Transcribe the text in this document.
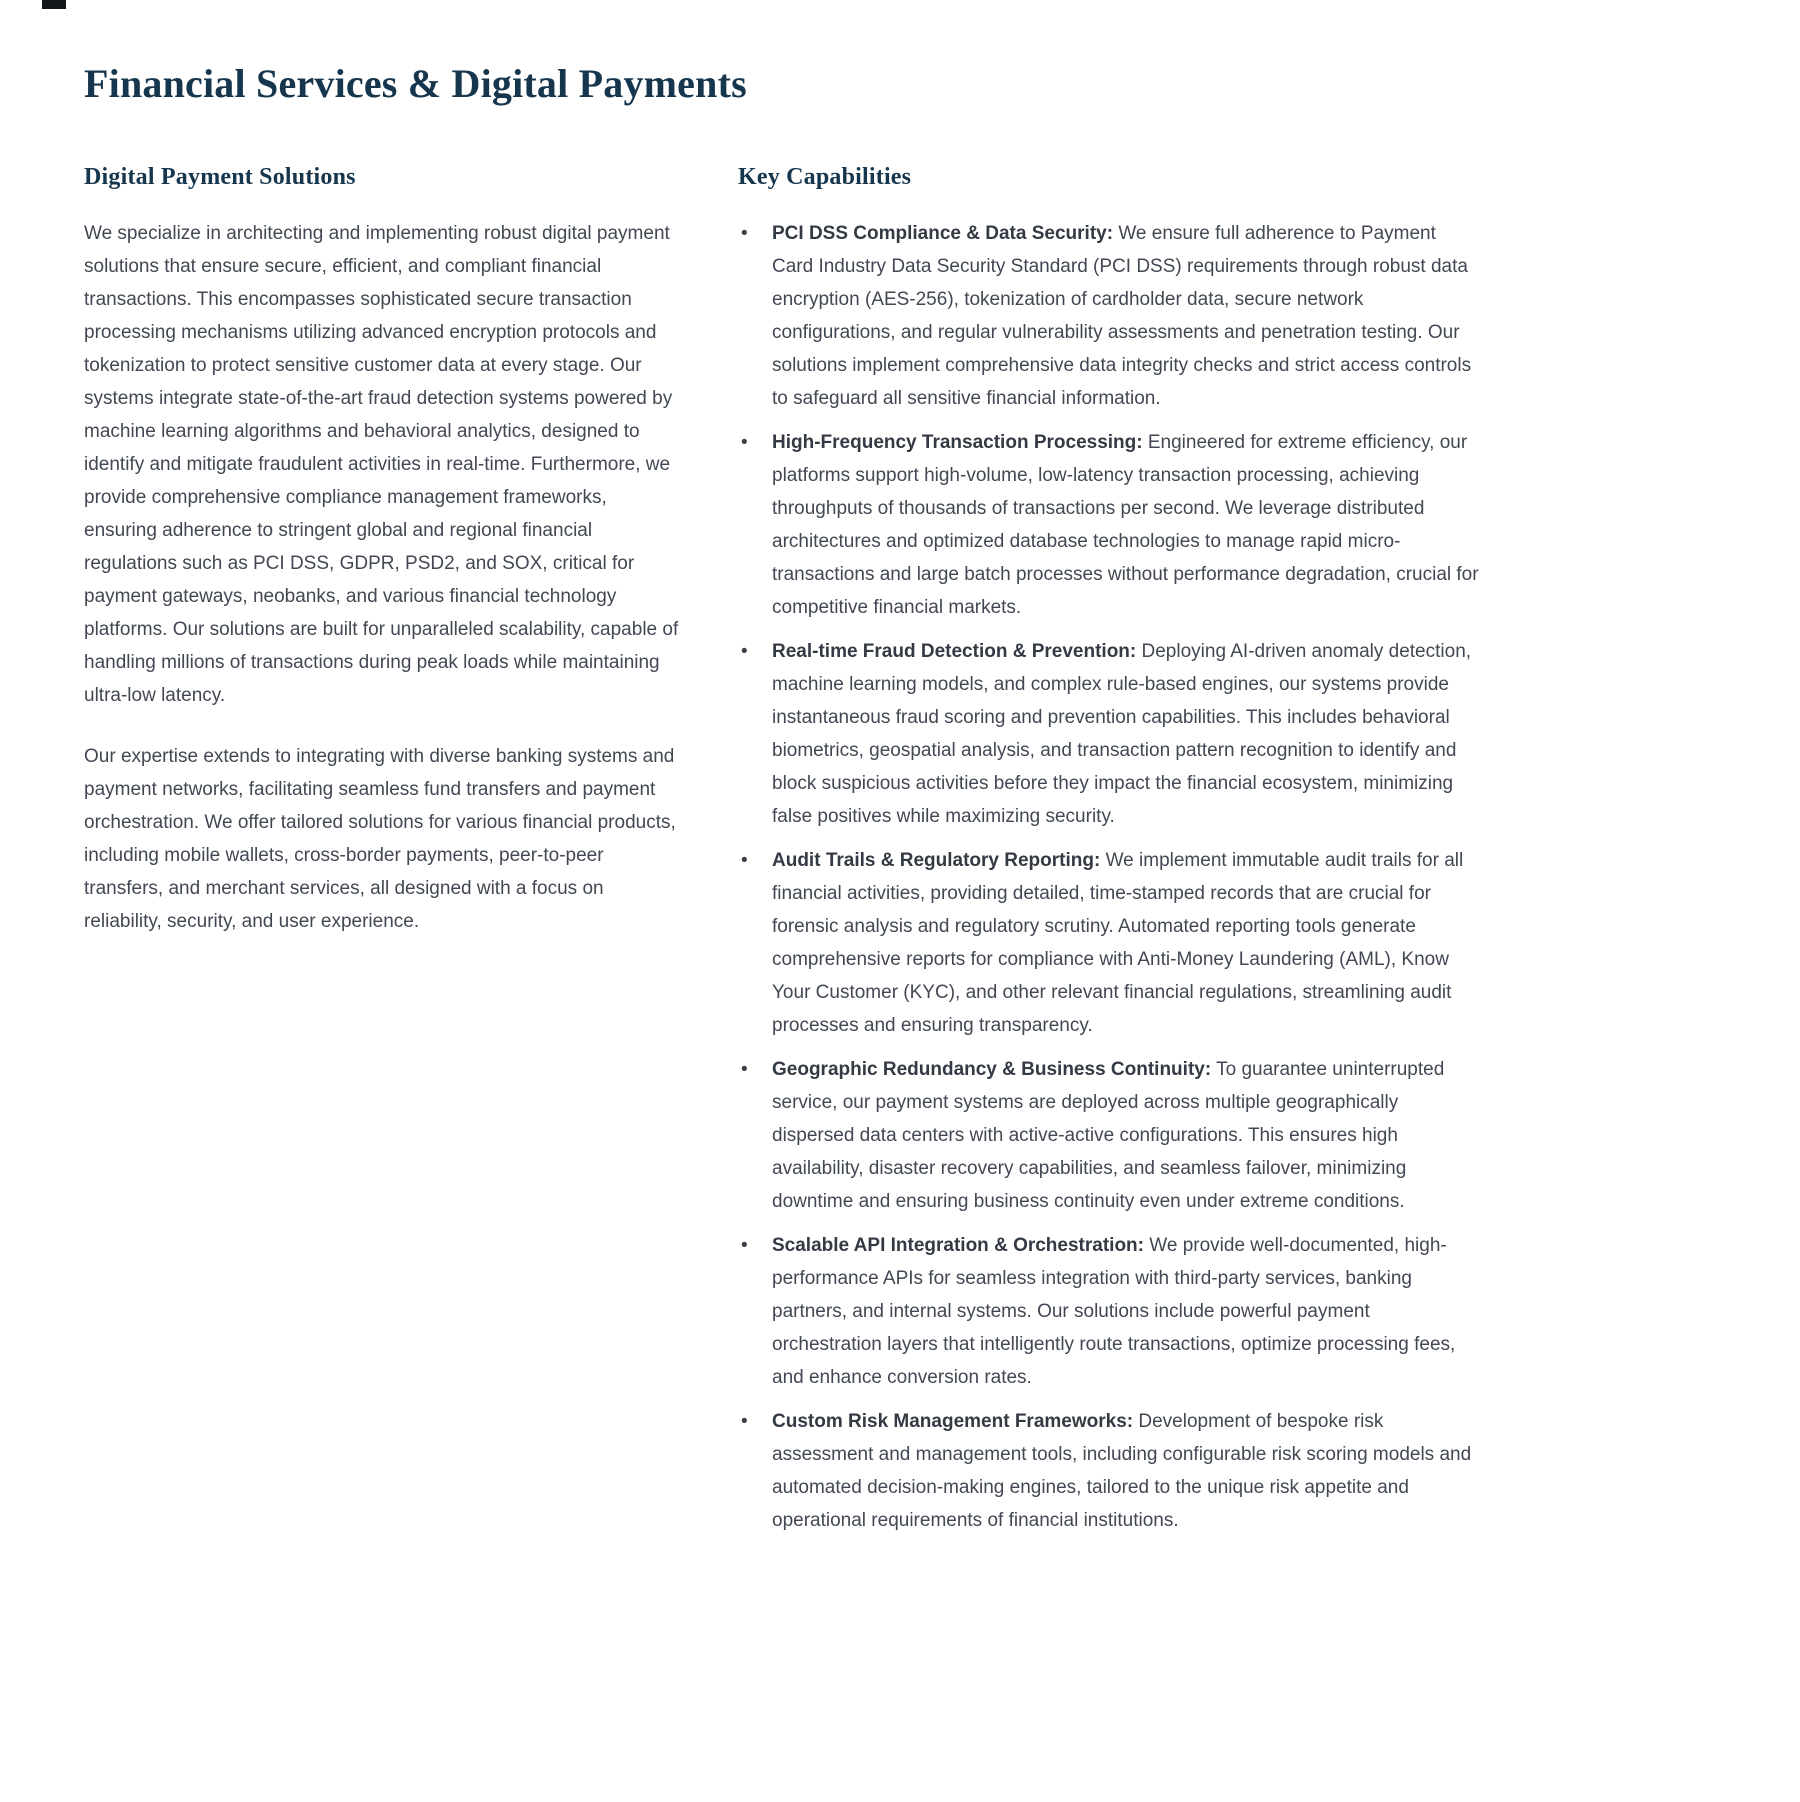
Financial Services & Digital Payments
Digital Payment Solutions

We specialize in architecting and implementing robust digital payment solutions that ensure secure, efficient, and compliant financial transactions. This encompasses sophisticated secure transaction processing mechanisms utilizing advanced encryption protocols and tokenization to protect sensitive customer data at every stage. Our systems integrate state-of-the-art fraud detection systems powered by machine learning algorithms and behavioral analytics, designed to identify and mitigate fraudulent activities in real-time. Furthermore, we provide comprehensive compliance management frameworks, ensuring adherence to stringent global and regional financial regulations such as PCI DSS, GDPR, PSD2, and SOX, critical for payment gateways, neobanks, and various financial technology platforms. Our solutions are built for unparalleled scalability, capable of handling millions of transactions during peak loads while maintaining ultra-low latency.

Our expertise extends to integrating with diverse banking systems and payment networks, facilitating seamless fund transfers and payment orchestration. We offer tailored solutions for various financial products, including mobile wallets, cross-border payments, peer-to-peer transfers, and merchant services, all designed with a focus on reliability, security, and user experience.

Key Capabilities
• PCI DSS Compliance & Data Security: We ensure full adherence to Payment Card Industry Data Security Standard (PCI DSS) requirements through robust data encryption (AES-256), tokenization of cardholder data, secure network configurations, and regular vulnerability assessments and penetration testing. Our solutions implement comprehensive data integrity checks and strict access controls to safeguard all sensitive financial information.
• High-Frequency Transaction Processing: Engineered for extreme efficiency, our platforms support high-volume, low-latency transaction processing, achieving throughputs of thousands of transactions per second. We leverage distributed architectures and optimized database technologies to manage rapid micro-transactions and large batch processes without performance degradation, crucial for competitive financial markets.
• Real-time Fraud Detection & Prevention: Deploying AI-driven anomaly detection, machine learning models, and complex rule-based engines, our systems provide instantaneous fraud scoring and prevention capabilities. This includes behavioral biometrics, geospatial analysis, and transaction pattern recognition to identify and block suspicious activities before they impact the financial ecosystem, minimizing false positives while maximizing security.
• Audit Trails & Regulatory Reporting: We implement immutable audit trails for all financial activities, providing detailed, time-stamped records that are crucial for forensic analysis and regulatory scrutiny. Automated reporting tools generate comprehensive reports for compliance with Anti-Money Laundering (AML), Know Your Customer (KYC), and other relevant financial regulations, streamlining audit processes and ensuring transparency.
• Geographic Redundancy & Business Continuity: To guarantee uninterrupted service, our payment systems are deployed across multiple geographically dispersed data centers with active-active configurations. This ensures high availability, disaster recovery capabilities, and seamless failover, minimizing downtime and ensuring business continuity even under extreme conditions.
• Scalable API Integration & Orchestration: We provide well-documented, high-performance APIs for seamless integration with third-party services, banking partners, and internal systems. Our solutions include powerful payment orchestration layers that intelligently route transactions, optimize processing fees, and enhance conversion rates.
• Custom Risk Management Frameworks: Development of bespoke risk assessment and management tools, including configurable risk scoring models and automated decision-making engines, tailored to the unique risk appetite and operational requirements of financial institutions.
